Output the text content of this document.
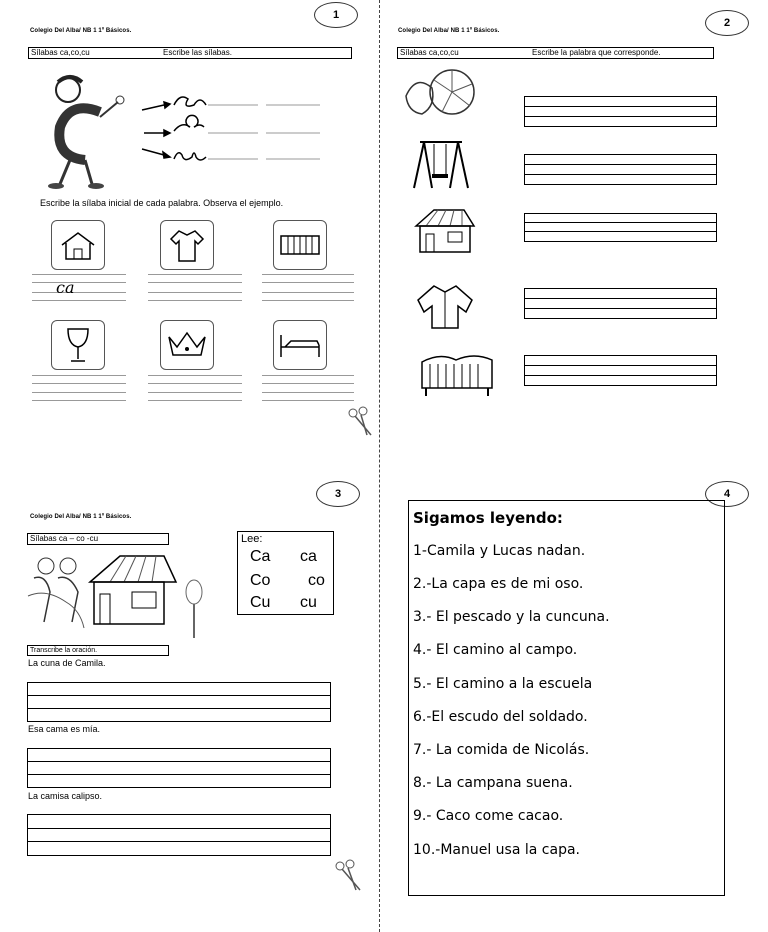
1
Colegio Del Alba/ NB 1 1º Básicos.
Sílabas ca,co,cu	Escribe las sílabas.
Escribe la sílaba inicial de cada palabra. Observa el ejemplo.
ca
2
Colegio Del Alba/ NB 1 1º Básicos.
Sílabas ca,co,cu	Escribe la palabra que corresponde.
3
Colegio Del Alba/ NB 1 1º Básicos.
Sílabas ca – co -cu	Lee:
Ca ca
Co co
Cu cu
Transcribe la oración.
La cuna de Camila.
Esa cama es mía.
La camisa calipso.
4
Sigamos leyendo:
1-Camila y Lucas nadan.
2.-La capa es de mi oso.
3.- El pescado y la cuncuna.
4.- El camino al campo.
5.- El camino a la escuela
6.-El escudo del soldado.
7.- La comida de Nicolás.
8.- La campana suena.
9.- Caco come cacao.
10.-Manuel usa la capa.
ca
co
cu
